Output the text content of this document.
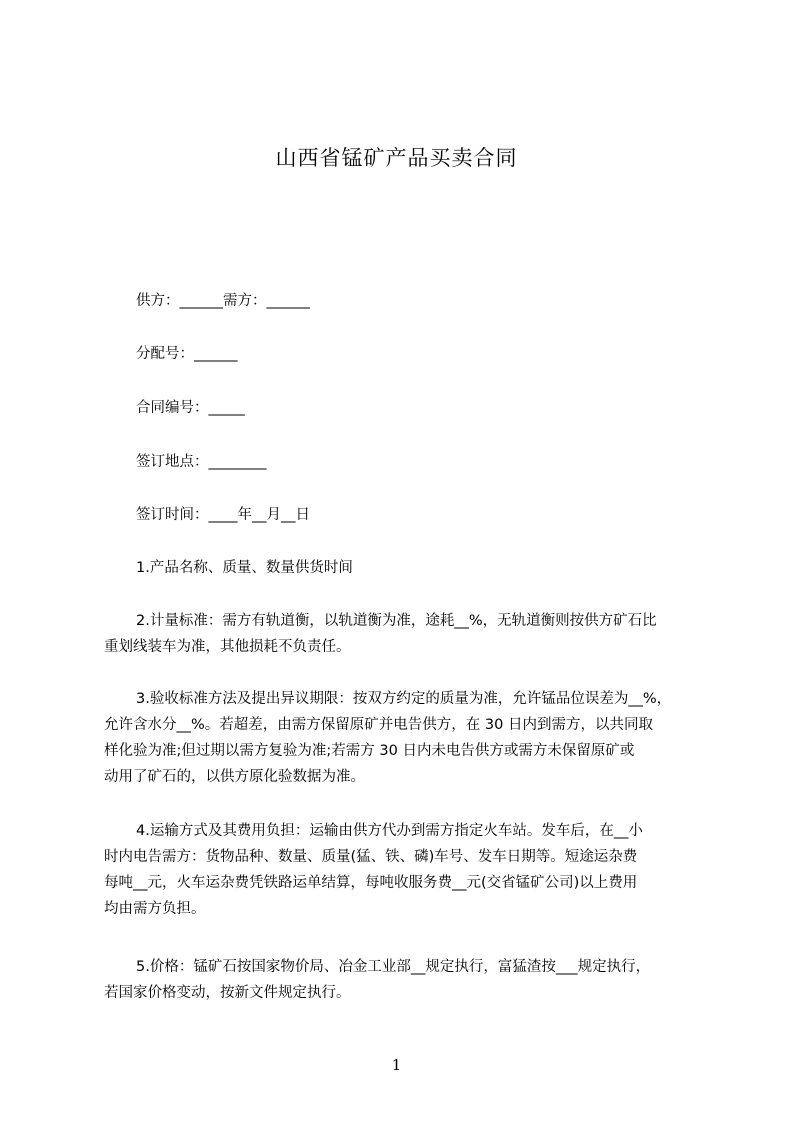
山西省锰矿产品买卖合同
供方：______需方：______
分配号：______
合同编号：_____
签订地点：________
签订时间：____年__月__日
1.产品名称、质量、数量供货时间
2.计量标准：需方有轨道衡，以轨道衡为准，途耗__%，无轨道衡则按供方矿石比
重划线装车为准，其他损耗不负责任。
3.验收标准方法及提出异议期限：按双方约定的质量为准，允许锰品位误差为__%，
允许含水分__%。若超差，由需方保留原矿并电告供方，在 30 日内到需方，以共同取
样化验为准;但过期以需方复验为准;若需方 30 日内未电告供方或需方未保留原矿或
动用了矿石的，以供方原化验数据为准。
4.运输方式及其费用负担：运输由供方代办到需方指定火车站。发车后，在__小
时内电告需方：货物品种、数量、质量(猛、铁、磷)车号、发车日期等。短途运杂费
每吨__元，火车运杂费凭铁路运单结算，每吨收服务费__元(交省锰矿公司)以上费用
均由需方负担。
5.价格：锰矿石按国家物价局、冶金工业部__规定执行，富猛渣按___规定执行，
若国家价格变动，按新文件规定执行。
1
